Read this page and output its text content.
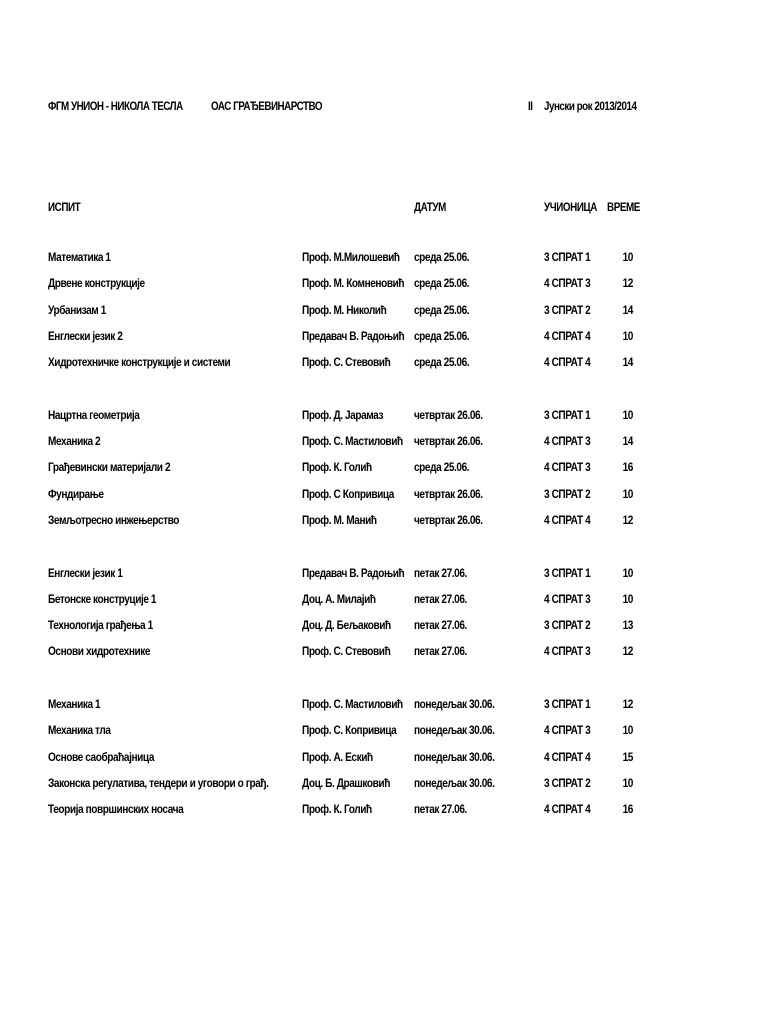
ФГМ УНИОН - НИКОЛА ТЕСЛА ОАС ГРАЂЕВИНАРСТВО	II Јунски рок 2013/2014
ИСПИТ	ДАТУМ	УЧИОНИЦА ВРЕМЕ
Математика 1	Проф. М.Милошевић среда 25.06.	3 СПРАТ 1	10
Дрвене конструкције	Проф. М. Комненовић среда 25.06.	4 СПРАТ 3	12
Урбанизам 1	Проф. М. Николић среда 25.06.	3 СПРАТ 2	14
Енглески језик 2	Предавач В. Радоњић среда 25.06.	4 СПРАТ 4	10
Хидротехничке конструкције и системи	Проф. С. Стевовић среда 25.06.	4 СПРАТ 4	14
Нацртна геометрија	Проф. Д. Јарамаз	четвртак 26.06.	3 СПРАТ 1	10
Механика 2	Проф. С. Мастиловић четвртак 26.06.	4 СПРАТ 3	14
Грађевински материјали 2	Проф. К. Голић	среда 25.06.	4 СПРАТ 3	16
Фундирање	Проф. С Копривица четвртак 26.06.	3 СПРАТ 2	10
Земљотресно инжењерство	Проф. М. Манић	четвртак 26.06.	4 СПРАТ 4	12
Енглески језик 1	Предавач В. Радоњић петак 27.06.	3 СПРАТ 1	10
Бетонске конструције 1	Доц. А. Милајић	петак 27.06.	4 СПРАТ 3	10
Технологија грађења 1	Доц. Д. Бељаковић петак 27.06.	3 СПРАТ 2	13
Основи хидротехнике	Проф. С. Стевовић петак 27.06.	4 СПРАТ 3	12
Механика 1	Проф. С. Мастиловић понедељак 30.06.	3 СПРАТ 1	12
Механика тла	Проф. С. Копривица понедељак 30.06.	4 СПРАТ 3	10
Основе саобраћајница	Проф. А. Ескић	понедељак 30.06.	4 СПРАТ 4	15
Законска регулатива, тендери и уговори о грађ.	Доц. Б. Драшковић понедељак 30.06.	3 СПРАТ 2	10
Теорија површинских носача	Проф. К. Голић	петак 27.06.	4 СПРАТ 4	16
